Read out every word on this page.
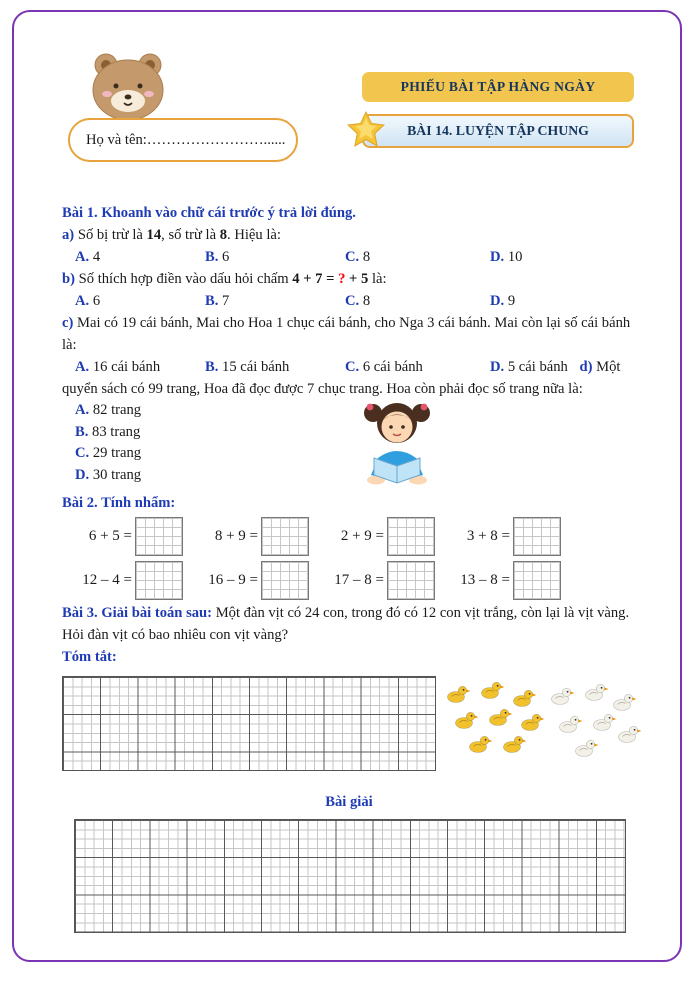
PHIẾU BÀI TẬP HÀNG NGÀY
Họ và tên:……………………......
BÀI 14. LUYỆN TẬP CHUNG
Bài 1. Khoanh vào chữ cái trước ý trả lời đúng.
a) Số bị trừ là 14, số trừ là 8. Hiệu là:
A. 4	B. 6	C. 8	D. 10
b) Số thích hợp điền vào dấu hỏi chấm 4 + 7 = ? + 5 là:
A. 6	B. 7	C. 8	D. 9
c) Mai có 19 cái bánh, Mai cho Hoa 1 chục cái bánh, cho Nga 3 cái bánh. Mai còn lại số cái bánh là:
A. 16 cái bánh	B. 15 cái bánh	C. 6 cái bánh	D. 5 cái bánh d) Một
quyển sách có 99 trang, Hoa đã đọc được 7 chục trang. Hoa còn phải đọc số trang nữa là:
A. 82 trang
B. 83 trang
C. 29 trang
D. 30 trang
Bài 2. Tính nhẩm:
6 + 5 =	8 + 9 =	2 + 9 =	3 + 8 =
12 – 4 =	16 – 9 =	17 – 8 =	13 – 8 =
Bài 3. Giải bài toán sau: Một đàn vịt có 24 con, trong đó có 12 con vịt trắng, còn lại là vịt vàng. Hỏi đàn vịt có bao nhiêu con vịt vàng?
Tóm tắt:
Bài giải
